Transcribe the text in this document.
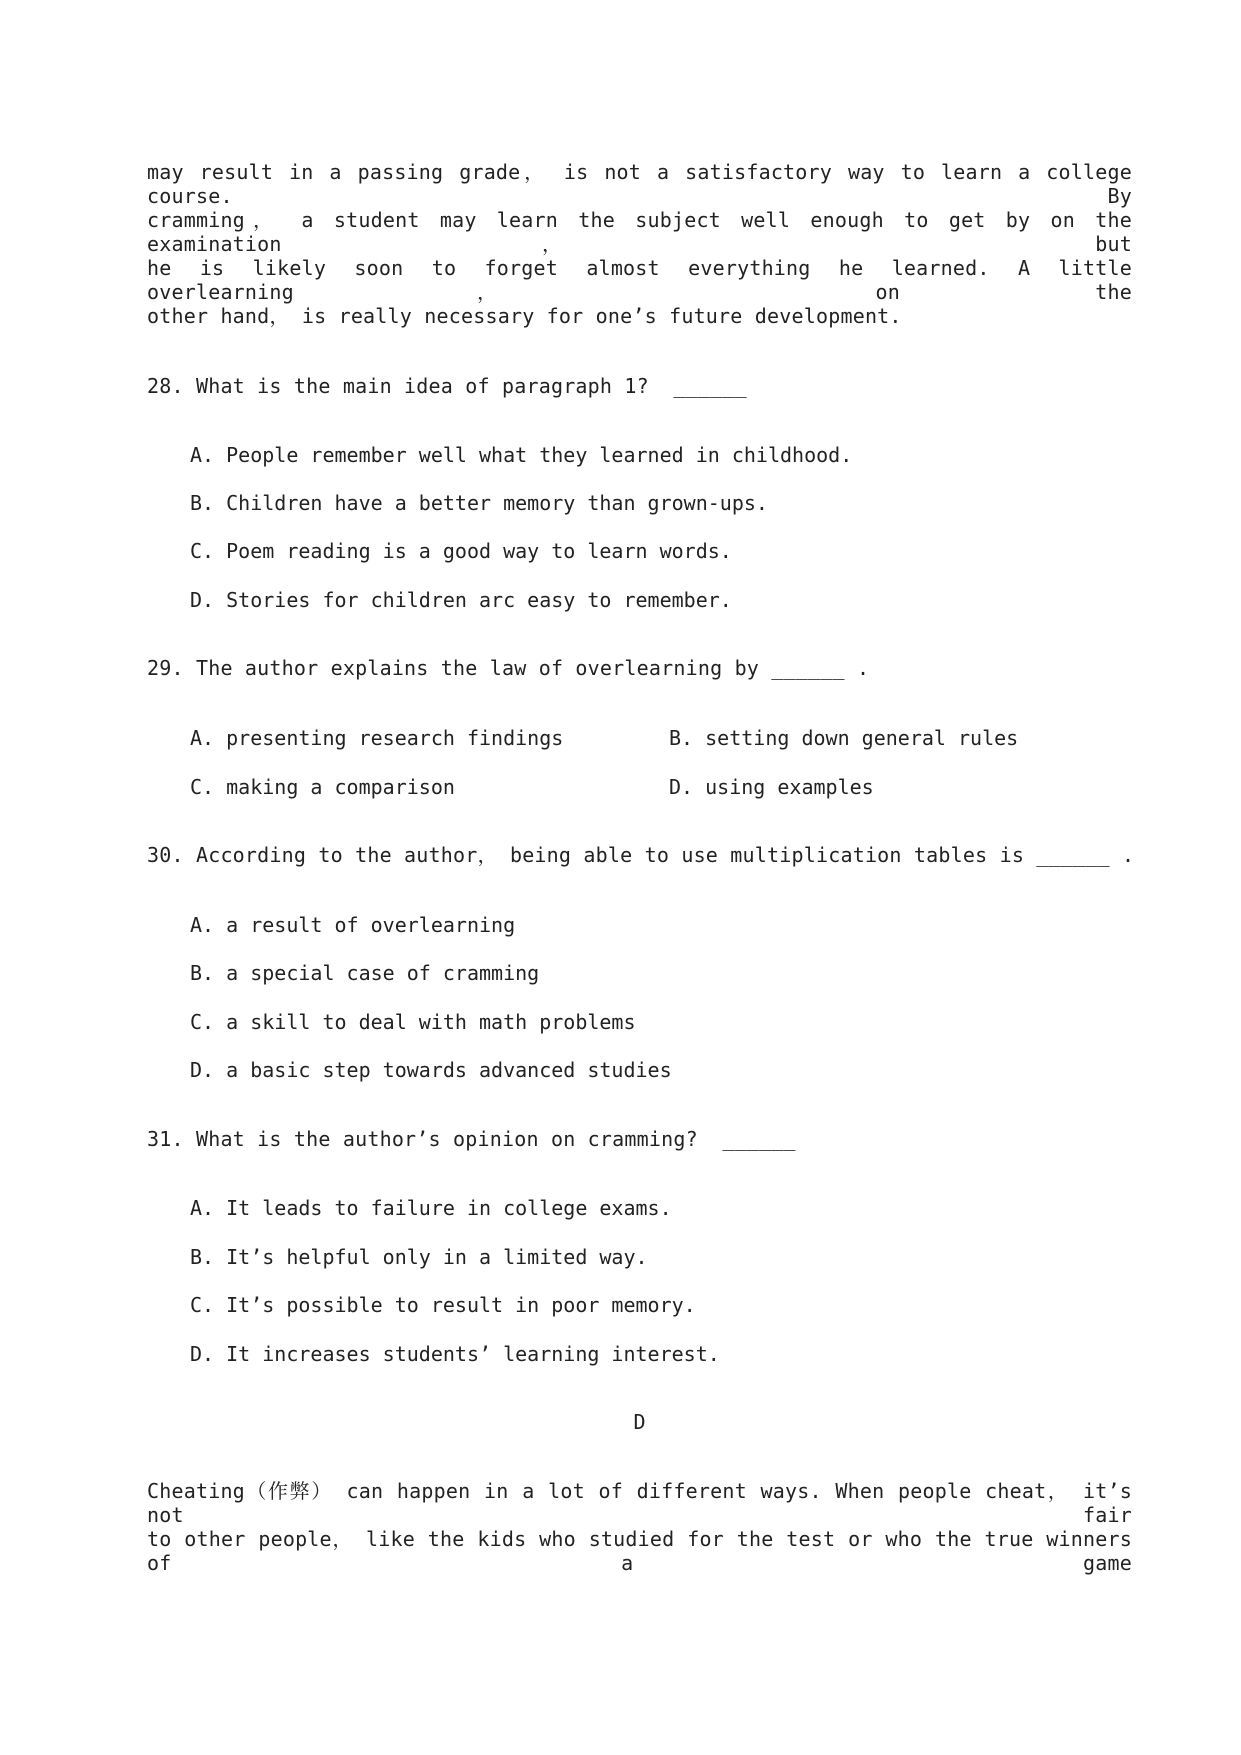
may result in a passing grade， is not a satisfactory way to learn a college course. By
cramming， a student may learn the subject well enough to get by on the examination， but
he is likely soon to forget almost everything he learned. A little overlearning， on the
other hand， is really necessary for one’s future development.
28. What is the main idea of paragraph 1?  ______
A. People remember well what they learned in childhood.
B. Children have a better memory than grown-ups.
C. Poem reading is a good way to learn words.
D. Stories for children arc easy to remember.
29. The author explains the law of overlearning by ______ .
A. presenting research findings	B. setting down general rules
C. making a comparison	D. using examples
30. According to the author， being able to use multiplication tables is ______ .
A. a result of overlearning
B. a special case of cramming
C. a skill to deal with math problems
D. a basic step towards advanced studies
31. What is the author’s opinion on cramming?  ______
A. It leads to failure in college exams.
B. It’s helpful only in a limited way.
C. It’s possible to result in poor memory.
D. It increases students’ learning interest.
D
Cheating（作弊） can happen in a lot of different ways. When people cheat， it’s not fair
to other people， like the kids who studied for the test or who the true winners of a game
